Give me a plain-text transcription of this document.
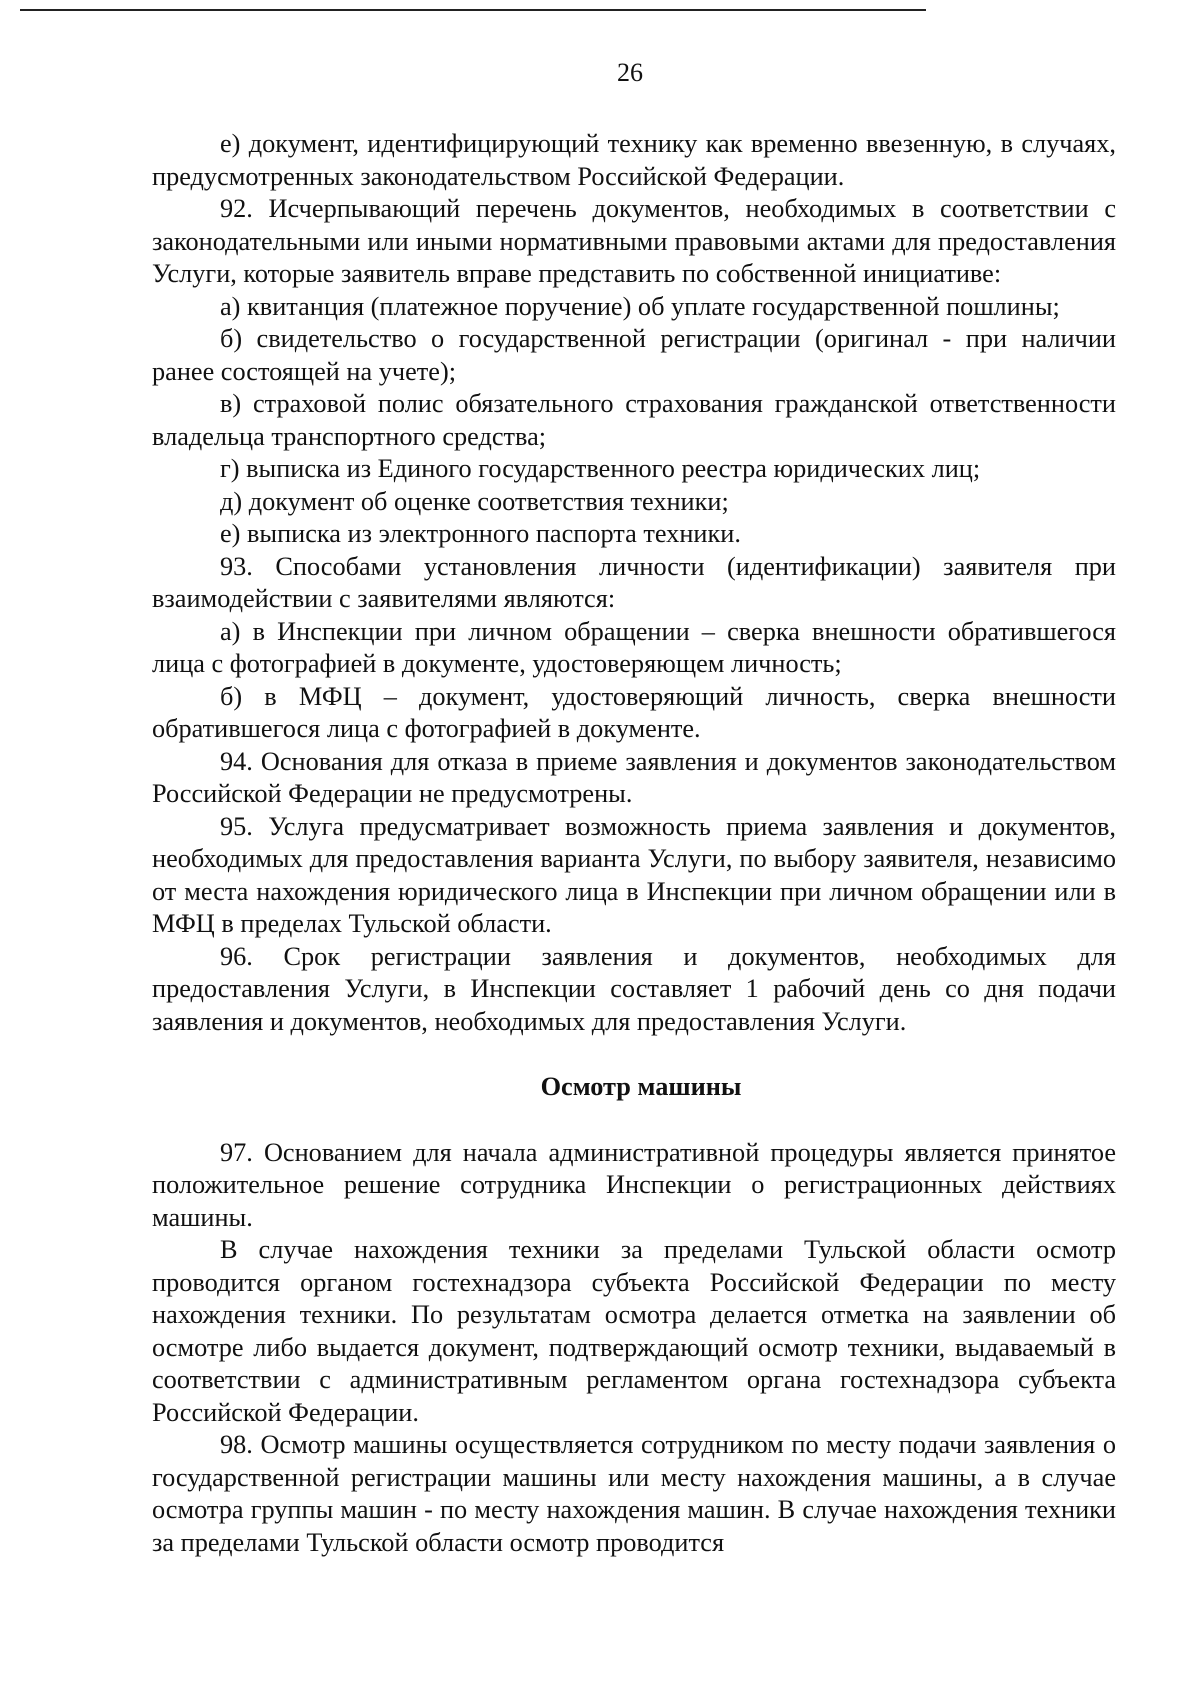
26

е) документ, идентифицирующий технику как временно ввезенную, в случаях, предусмотренных законодательством Российской Федерации.

92. Исчерпывающий перечень документов, необходимых в соответствии с законодательными или иными нормативными правовыми актами для предоставления Услуги, которые заявитель вправе представить по собственной инициативе:

а) квитанция (платежное поручение) об уплате государственной пошлины;

б) свидетельство о государственной регистрации (оригинал - при наличии ранее состоящей на учете);

в) страховой полис обязательного страхования гражданской ответственности владельца транспортного средства;

г) выписка из Единого государственного реестра юридических лиц;

д) документ об оценке соответствия техники;

е) выписка из электронного паспорта техники.

93. Способами установления личности (идентификации) заявителя при взаимодействии с заявителями являются:

а) в Инспекции при личном обращении – сверка внешности обратившегося лица с фотографией в документе, удостоверяющем личность;

б) в МФЦ – документ, удостоверяющий личность, сверка внешности обратившегося лица с фотографией в документе.

94. Основания для отказа в приеме заявления и документов законодательством Российской Федерации не предусмотрены.

95. Услуга предусматривает возможность приема заявления и документов, необходимых для предоставления варианта Услуги, по выбору заявителя, независимо от места нахождения юридического лица в Инспекции при личном обращении или в МФЦ в пределах Тульской области.

96. Срок регистрации заявления и документов, необходимых для предоставления Услуги, в Инспекции составляет 1 рабочий день со дня подачи заявления и документов, необходимых для предоставления Услуги.

Осмотр машины

97. Основанием для начала административной процедуры является принятое положительное решение сотрудника Инспекции о регистрационных действиях машины.

В случае нахождения техники за пределами Тульской области осмотр проводится органом гостехнадзора субъекта Российской Федерации по месту нахождения техники. По результатам осмотра делается отметка на заявлении об осмотре либо выдается документ, подтверждающий осмотр техники, выдаваемый в соответствии с административным регламентом органа гостехнадзора субъекта Российской Федерации.

98. Осмотр машины осуществляется сотрудником по месту подачи заявления о государственной регистрации машины или месту нахождения машины, а в случае осмотра группы машин - по месту нахождения машин. В случае нахождения техники за пределами Тульской области осмотр проводится
